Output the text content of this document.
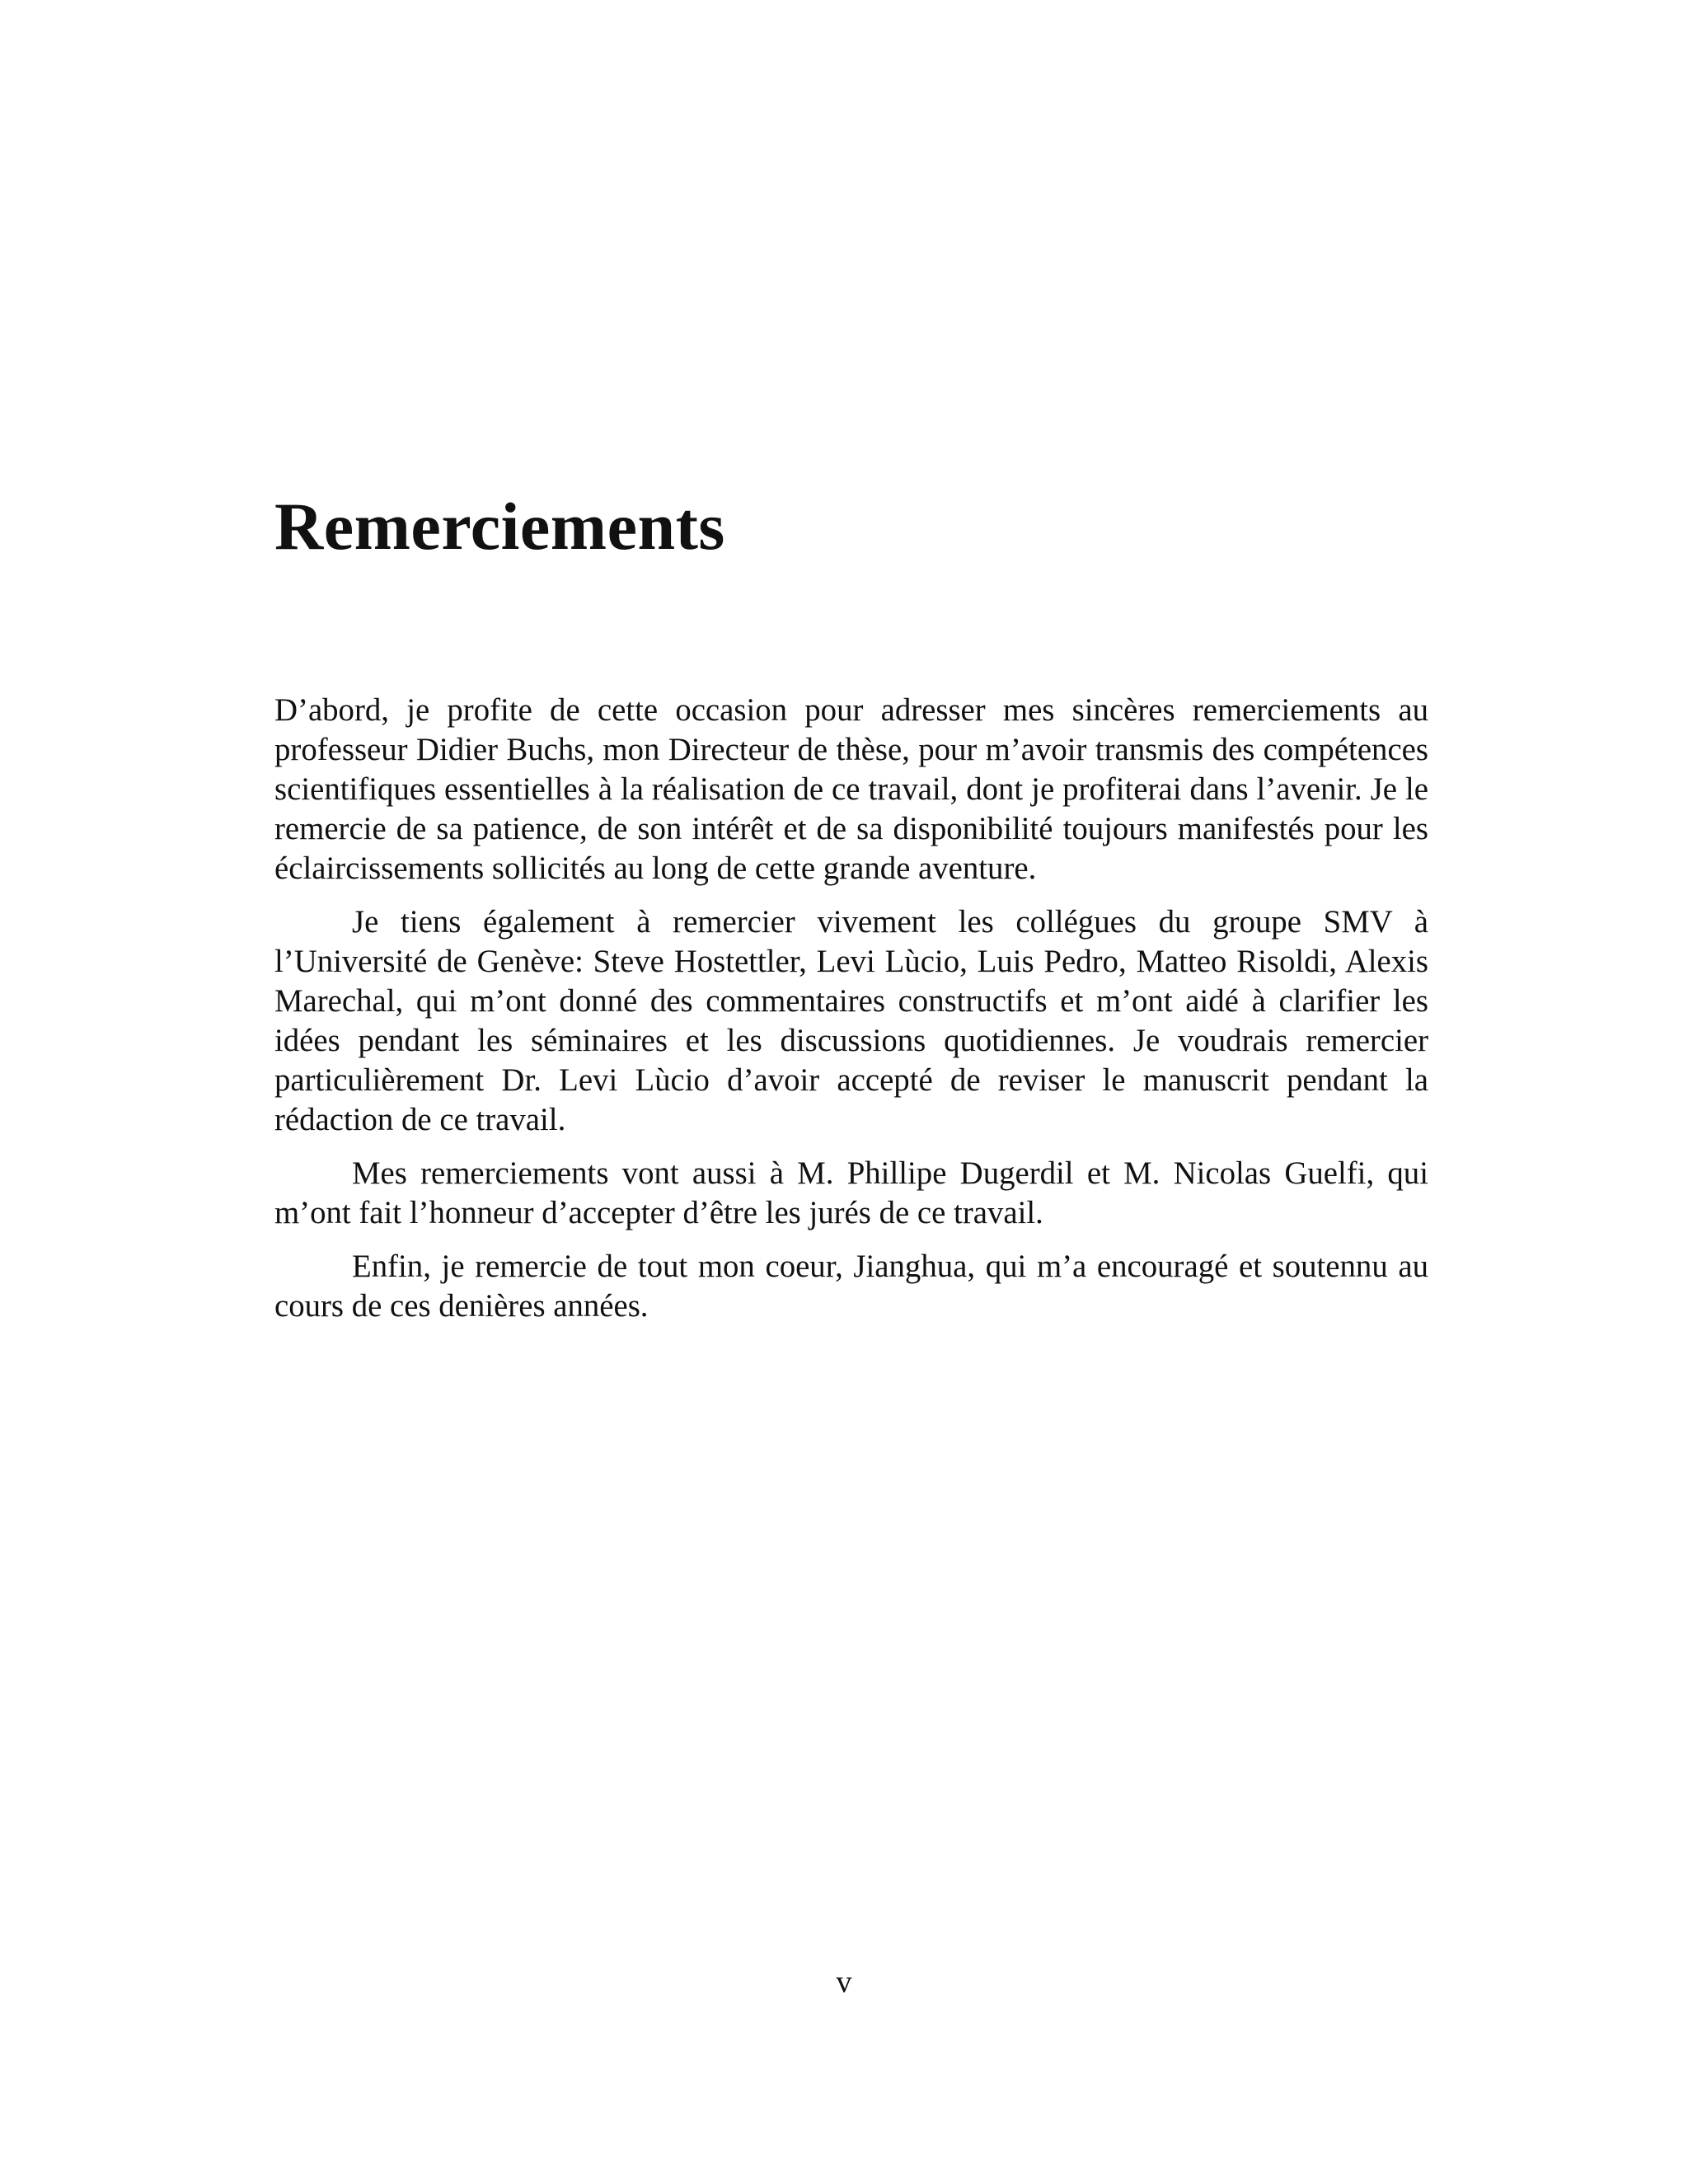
Remerciements

D’abord, je profite de cette occasion pour adresser mes sincères remerciements au professeur Didier Buchs, mon Directeur de thèse, pour m’avoir transmis des compétences scientifiques essentielles à la réalisation de ce travail, dont je profiterai dans l’avenir. Je le remercie de sa patience, de son intérêt et de sa disponibilité toujours manifestés pour les éclaircissements sollicités au long de cette grande aventure.

Je tiens également à remercier vivement les collégues du groupe SMV à l’Université de Genève: Steve Hostettler, Levi Lùcio, Luis Pedro, Matteo Risoldi, Alexis Marechal, qui m’ont donné des commentaires constructifs et m’ont aidé à clarifier les idées pendant les séminaires et les discussions quotidiennes. Je voudrais remercier particulièrement Dr. Levi Lùcio d’avoir accepté de reviser le manuscrit pendant la rédaction de ce travail.

Mes remerciements vont aussi à M. Phillipe Dugerdil et M. Nicolas Guelfi, qui m’ont fait l’honneur d’accepter d’être les jurés de ce travail.

Enfin, je remercie de tout mon coeur, Jianghua, qui m’a encouragé et soutennu au cours de ces denières années.

v
